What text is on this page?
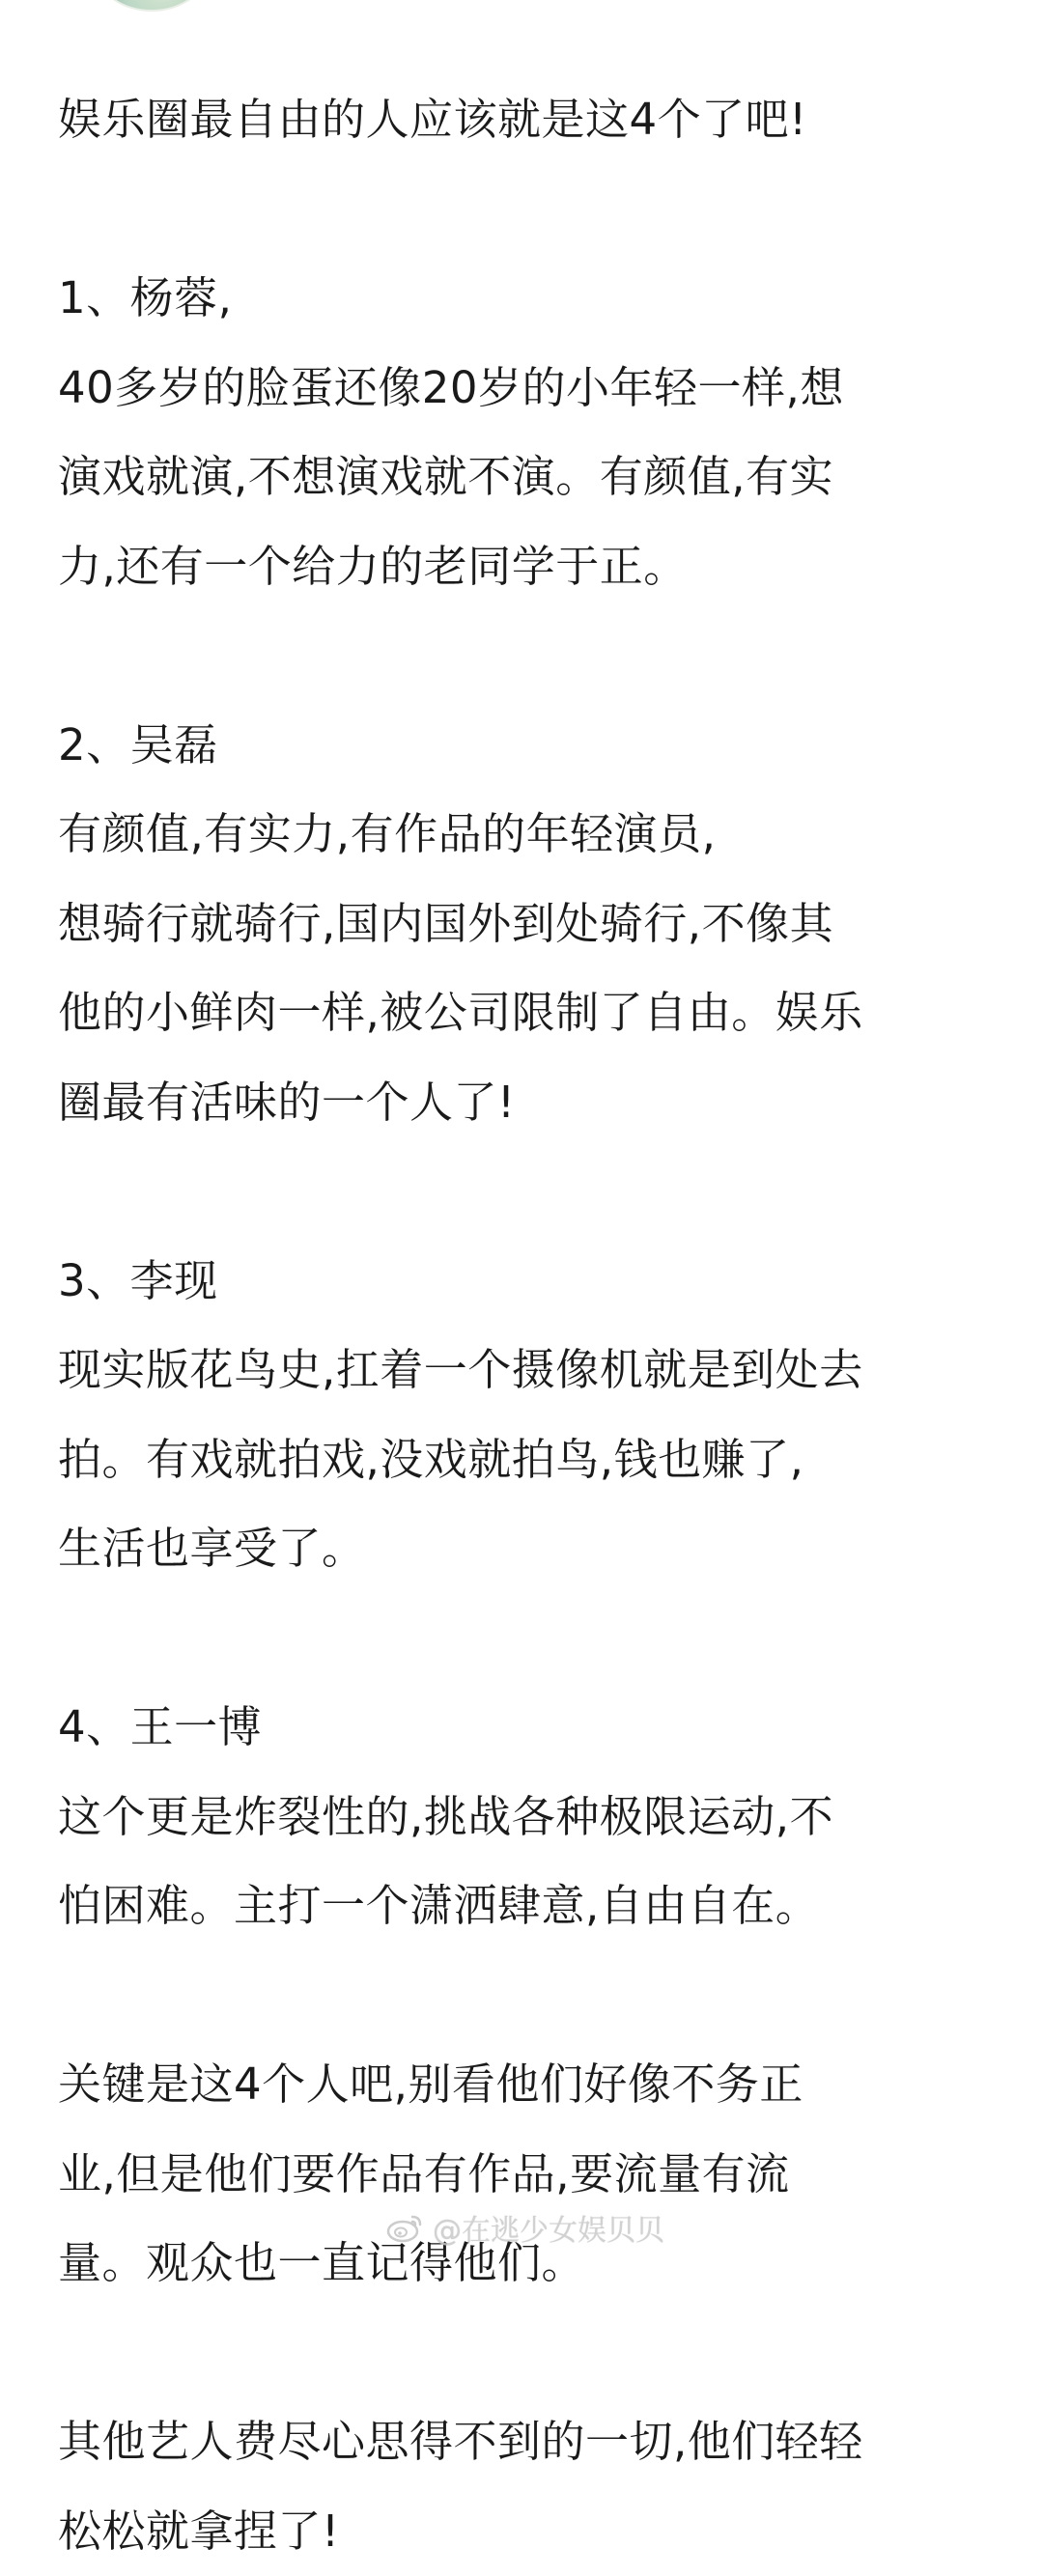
娱乐圈最自由的人应该就是这4个了吧!
1、杨蓉,
40多岁的脸蛋还像20岁的小年轻一样,想
演戏就演,不想演戏就不演。有颜值,有实
力,还有一个给力的老同学于正。
2、吴磊
有颜值,有实力,有作品的年轻演员,
想骑行就骑行,国内国外到处骑行,不像其
他的小鲜肉一样,被公司限制了自由。娱乐
圈最有活味的一个人了!
3、李现
现实版花鸟史,扛着一个摄像机就是到处去
拍。有戏就拍戏,没戏就拍鸟,钱也赚了,
生活也享受了。
4、王一博
这个更是炸裂性的,挑战各种极限运动,不
怕困难。主打一个潇洒肆意,自由自在。
关键是这4个人吧,别看他们好像不务正
业,但是他们要作品有作品,要流量有流
量。观众也一直记得他们。
其他艺人费尽心思得不到的一切,他们轻轻
松松就拿捏了!
@在逃少女娱贝贝
